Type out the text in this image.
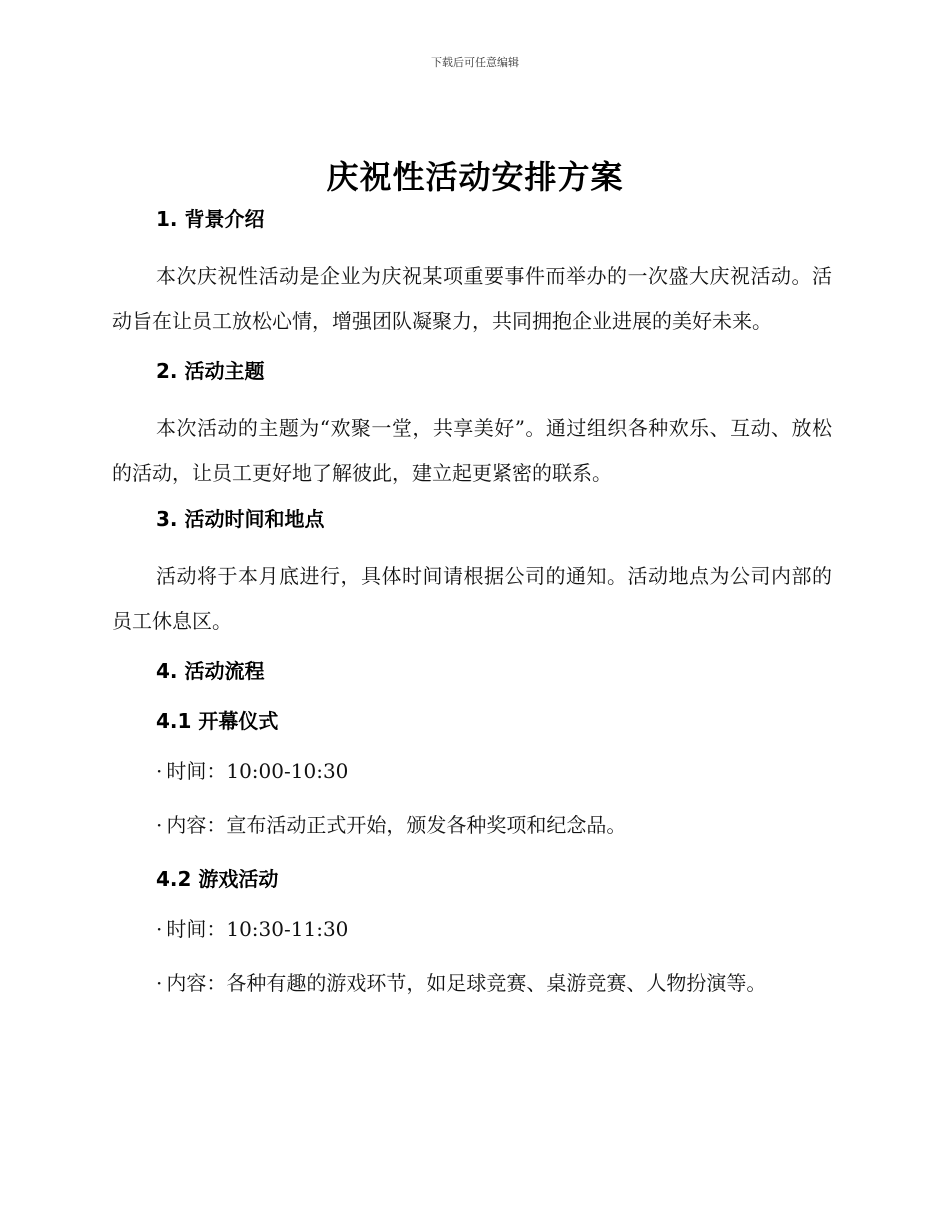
下载后可任意编辑
庆祝性活动安排方案
1. 背景介绍

本次庆祝性活动是企业为庆祝某项重要事件而举办的一次盛大庆祝活动。活动旨在让员工放松心情，增强团队凝聚力，共同拥抱企业进展的美好未来。

2. 活动主题

本次活动的主题为“欢聚一堂，共享美好”。通过组织各种欢乐、互动、放松的活动，让员工更好地了解彼此，建立起更紧密的联系。

3. 活动时间和地点

活动将于本月底进行，具体时间请根据公司的通知。活动地点为公司内部的员工休息区。

4. 活动流程
4.1 开幕仪式
· 时间：10:00-10:30
· 内容：宣布活动正式开始，颁发各种奖项和纪念品。
4.2 游戏活动
· 时间：10:30-11:30
· 内容：各种有趣的游戏环节，如足球竞赛、桌游竞赛、人物扮演等。
